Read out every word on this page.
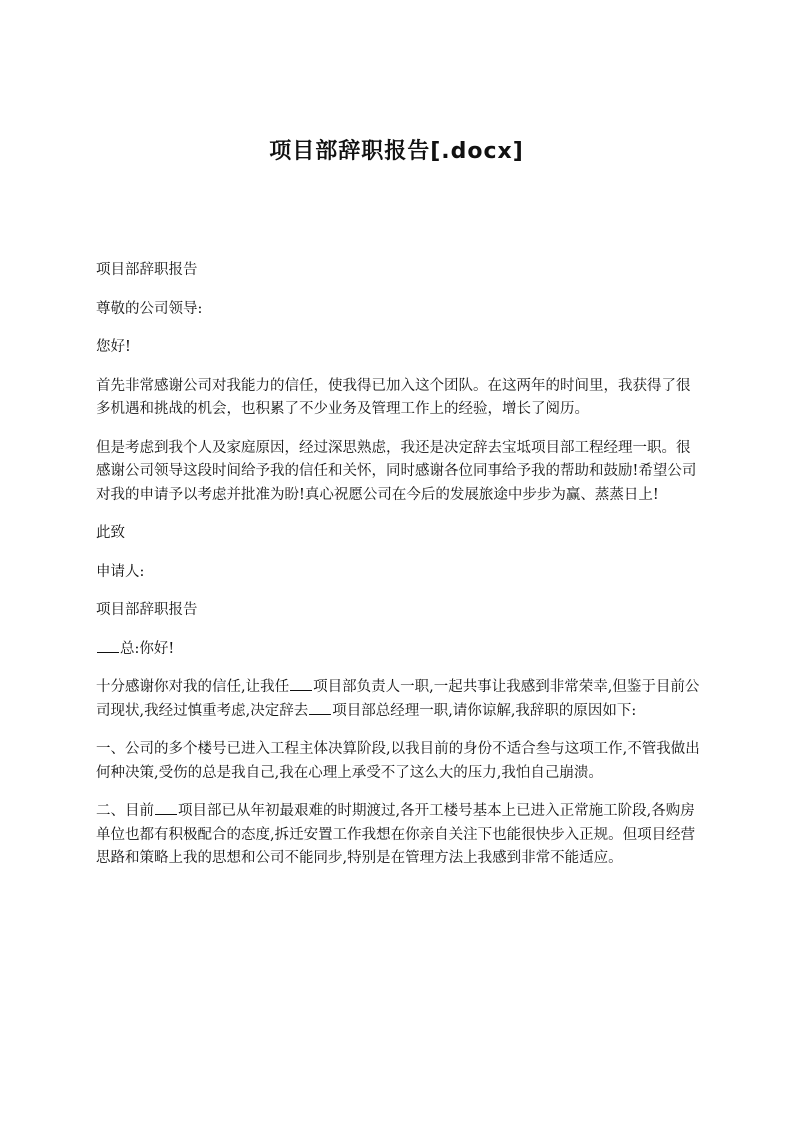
项目部辞职报告[.docx]

项目部辞职报告

尊敬的公司领导:

您好!

首先非常感谢公司对我能力的信任，使我得已加入这个团队。在这两年的时间里，我获得了很多机遇和挑战的机会，也积累了不少业务及管理工作上的经验，增长了阅历。

但是考虑到我个人及家庭原因，经过深思熟虑，我还是决定辞去宝坻项目部工程经理一职。很感谢公司领导这段时间给予我的信任和关怀，同时感谢各位同事给予我的帮助和鼓励!希望公司对我的申请予以考虑并批准为盼!真心祝愿公司在今后的发展旅途中步步为赢、蒸蒸日上!

此致

申请人:

项目部辞职报告

总:你好!

十分感谢你对我的信任,让我任 项目部负责人一职,一起共事让我感到非常荣幸,但鉴于目前公司现状,我经过慎重考虑,决定辞去 项目部总经理一职,请你谅解,我辞职的原因如下:

一、公司的多个楼号已进入工程主体决算阶段,以我目前的身份不适合叁与这项工作,不管我做出何种决策,受伤的总是我自己,我在心理上承受不了这么大的压力,我怕自己崩溃。

二、目前 项目部已从年初最艰难的时期渡过,各开工楼号基本上已进入正常施工阶段,各购房单位也都有积极配合的态度,拆迁安置工作我想在你亲自关注下也能很快步入正规。但项目经营思路和策略上我的思想和公司不能同步,特别是在管理方法上我感到非常不能适应。
